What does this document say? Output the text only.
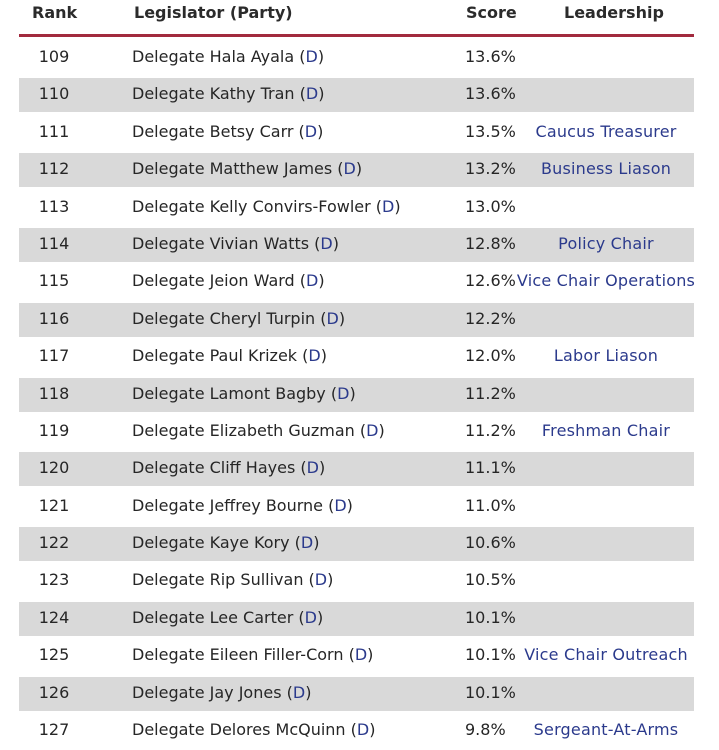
Rank	Legislator (Party)	Score	Leadership
109	Delegate Hala Ayala (D)	13.6%
110	Delegate Kathy Tran (D)	13.6%
111	Delegate Betsy Carr (D)	13.5% Caucus Treasurer
112	Delegate Matthew James (D)	13.2% Business Liason
113	Delegate Kelly Convirs-Fowler (D)	13.0%
114	Delegate Vivian Watts (D)	12.8%	Policy Chair
115	Delegate Jeion Ward (D)	12.6% Vice Chair Operations
116	Delegate Cheryl Turpin (D)	12.2%
117	Delegate Paul Krizek (D)	12.0% Labor Liason
118	Delegate Lamont Bagby (D)	11.2%
119	Delegate Elizabeth Guzman (D)	11.2% Freshman Chair
120	Delegate Cliff Hayes (D)	11.1%
121	Delegate Jeffrey Bourne (D)	11.0%
122	Delegate Kaye Kory (D)	10.6%
123	Delegate Rip Sullivan (D)	10.5%
124	Delegate Lee Carter (D)	10.1%
125	Delegate Eileen Filler-Corn (D)	10.1% Vice Chair Outreach
126	Delegate Jay Jones (D)	10.1%
127	Delegate Delores McQuinn (D)	9.8% Sergeant-At-Arms
